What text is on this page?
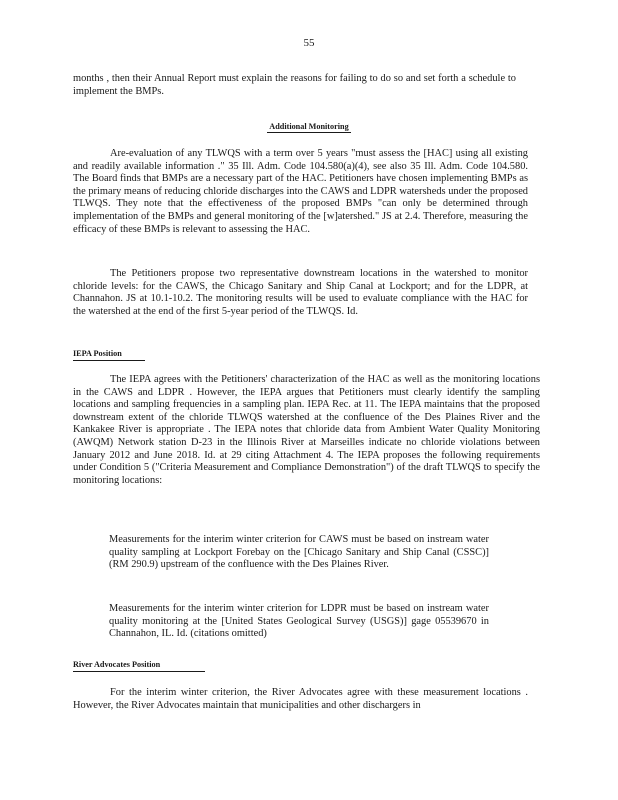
55
months , then their Annual Report must explain the reasons for failing to do so and set forth a schedule to implement the BMPs.
Additional Monitoring
Are-evaluation of any TLWQS with a term over 5 years "must assess the [HAC] using all existing and readily available information ." 35 Ill. Adm. Code 104.580(a)(4), see also 35 Ill. Adm. Code 104.580. The Board finds that BMPs are a necessary part of the HAC. Petitioners have chosen implementing BMPs as the primary means of reducing chloride discharges into the CAWS and LDPR watersheds under the proposed TLWQS. They note that the effectiveness of the proposed BMPs "can only be determined through implementation of the BMPs and general monitoring of the [w]atershed." JS at 2.4. Therefore, measuring the efficacy of these BMPs is relevant to assessing the HAC.
The Petitioners propose two representative downstream locations in the watershed to monitor chloride levels: for the CAWS, the Chicago Sanitary and Ship Canal at Lockport; and for the LDPR, at Channahon. JS at 10.1-10.2. The monitoring results will be used to evaluate compliance with the HAC for the watershed at the end of the first 5-year period of the TLWQS. Id.
IEPA Position
The IEPA agrees with the Petitioners' characterization of the HAC as well as the monitoring locations in the CAWS and LDPR . However, the IEPA argues that Petitioners must clearly identify the sampling locations and sampling frequencies in a sampling plan. IEPA Rec. at 11. The IEPA maintains that the proposed downstream extent of the chloride TLWQS watershed at the confluence of the Des Plaines River and the Kankakee River is appropriate . The IEPA notes that chloride data from Ambient Water Quality Monitoring (AWQM) Network station D-23 in the Illinois River at Marseilles indicate no chloride violations between January 2012 and June 2018. Id. at 29 citing Attachment 4. The IEPA proposes the following requirements under Condition 5 ("Criteria Measurement and Compliance Demonstration") of the draft TLWQS to specify the monitoring locations:
Measurements for the interim winter criterion for CAWS must be based on instream water quality sampling at Lockport Forebay on the [Chicago Sanitary and Ship Canal (CSSC)] (RM 290.9) upstream of the confluence with the Des Plaines River.
Measurements for the interim winter criterion for LDPR must be based on instream water quality monitoring at the [United States Geological Survey (USGS)] gage 05539670 in Channahon, IL. Id. (citations omitted)
River Advocates Position
For the interim winter criterion, the River Advocates agree with these measurement locations . However, the River Advocates maintain that municipalities and other dischargers in
